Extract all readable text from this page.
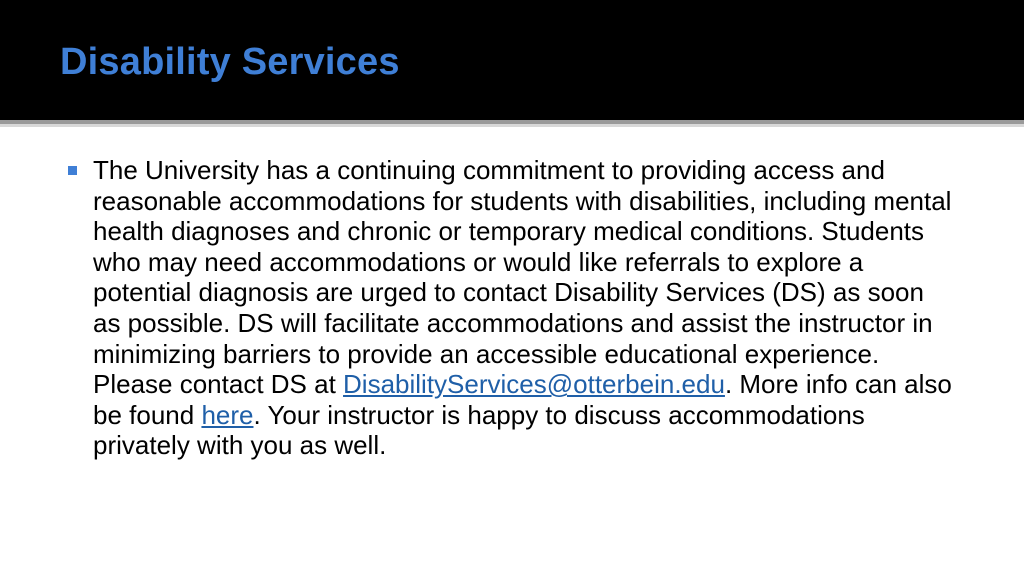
Disability Services

The University has a continuing commitment to providing access and reasonable accommodations for students with disabilities, including mental health diagnoses and chronic or temporary medical conditions. Students who may need accommodations or would like referrals to explore a potential diagnosis are urged to contact Disability Services (DS) as soon as possible. DS will facilitate accommodations and assist the instructor in minimizing barriers to provide an accessible educational experience. Please contact DS at DisabilityServices@otterbein.edu. More info can also be found here. Your instructor is happy to discuss accommodations privately with you as well.
